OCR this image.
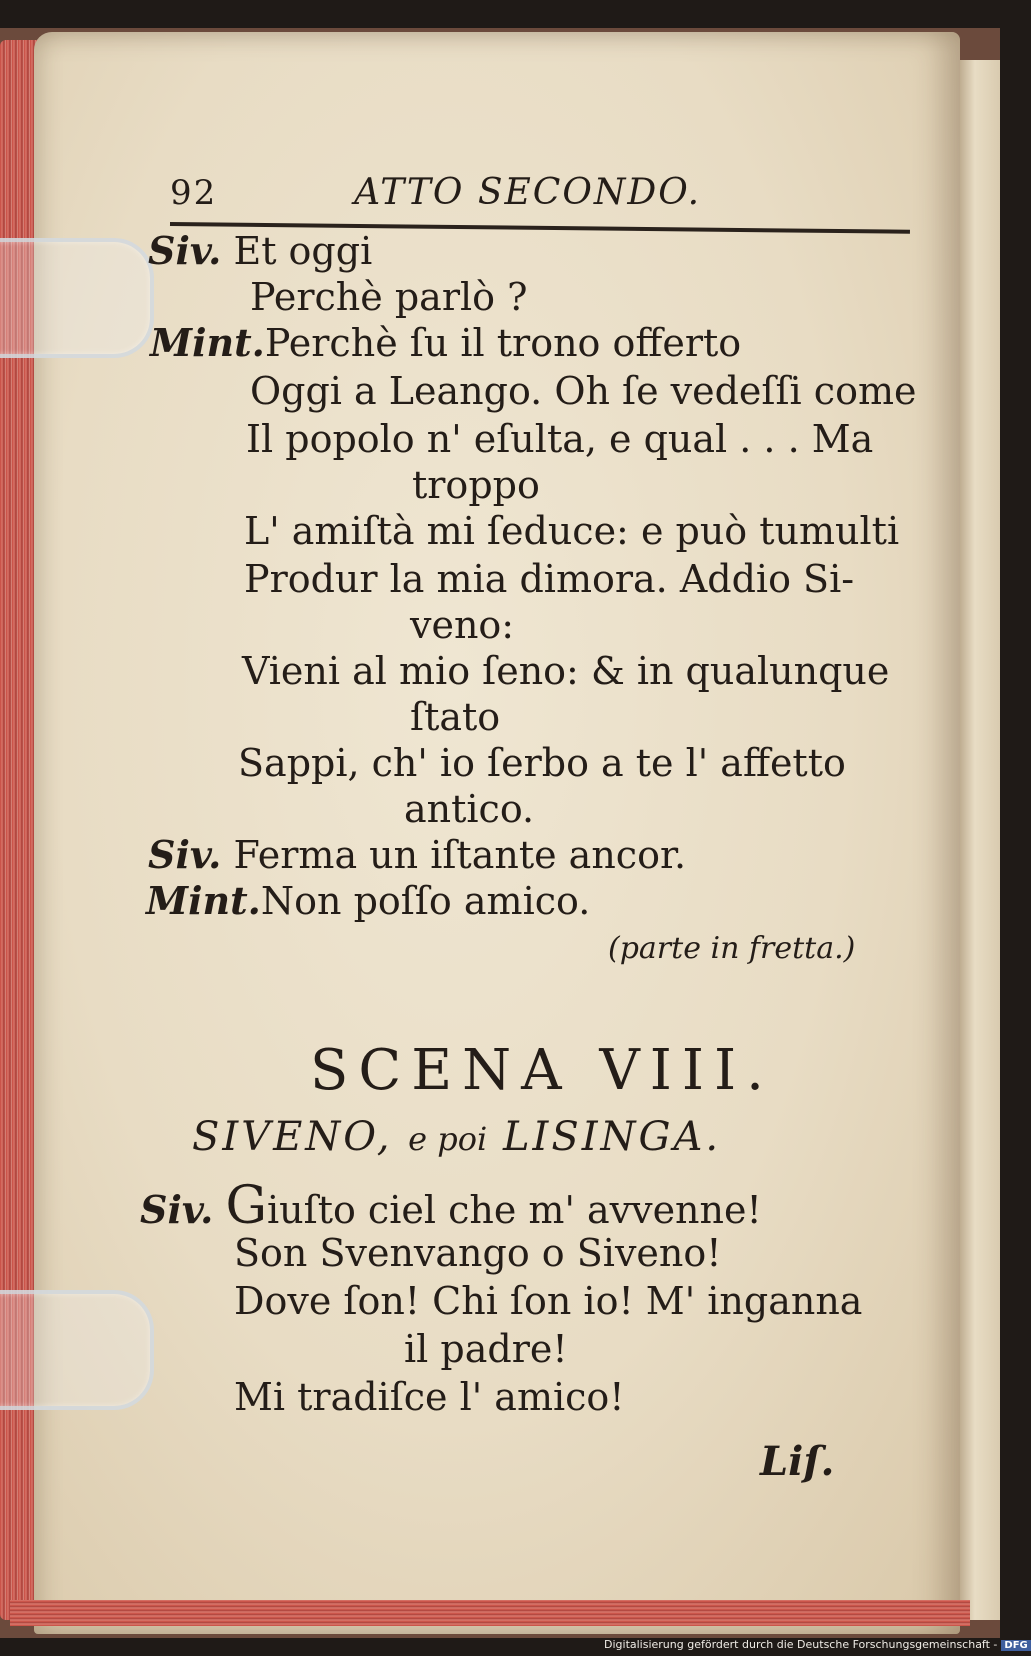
92	ATTO SECONDO.
Siv. Et oggi
Perchè parlò ?
Mint.Perchè ſu il trono offerto
Oggi a Leango. Oh ſe vedeſſi come
Il popolo n' eſulta, e qual . . . Ma
troppo
L' amiſtà mi ſeduce: e può tumulti
Produr la mia dimora. Addio Si-
veno:
Vieni al mio ſeno: & in qualunque
ſtato
Sappi, ch' io ſerbo a te l' affetto
antico.
Siv. Ferma un iſtante ancor.
Mint.Non poſſo amico.
(parte in fretta.)
SCENA VIII.
SIVENO, e poi LISINGA.
Siv. Giuſto ciel che m' avvenne!
Son Svenvango o Siveno!
Dove ſon! Chi ſon io! M' inganna
il padre!
Mi tradiſce l' amico!
Liſ.
Digitalisierung gefördert durch die Deutsche Forschungsgemeinschaft - DFG
